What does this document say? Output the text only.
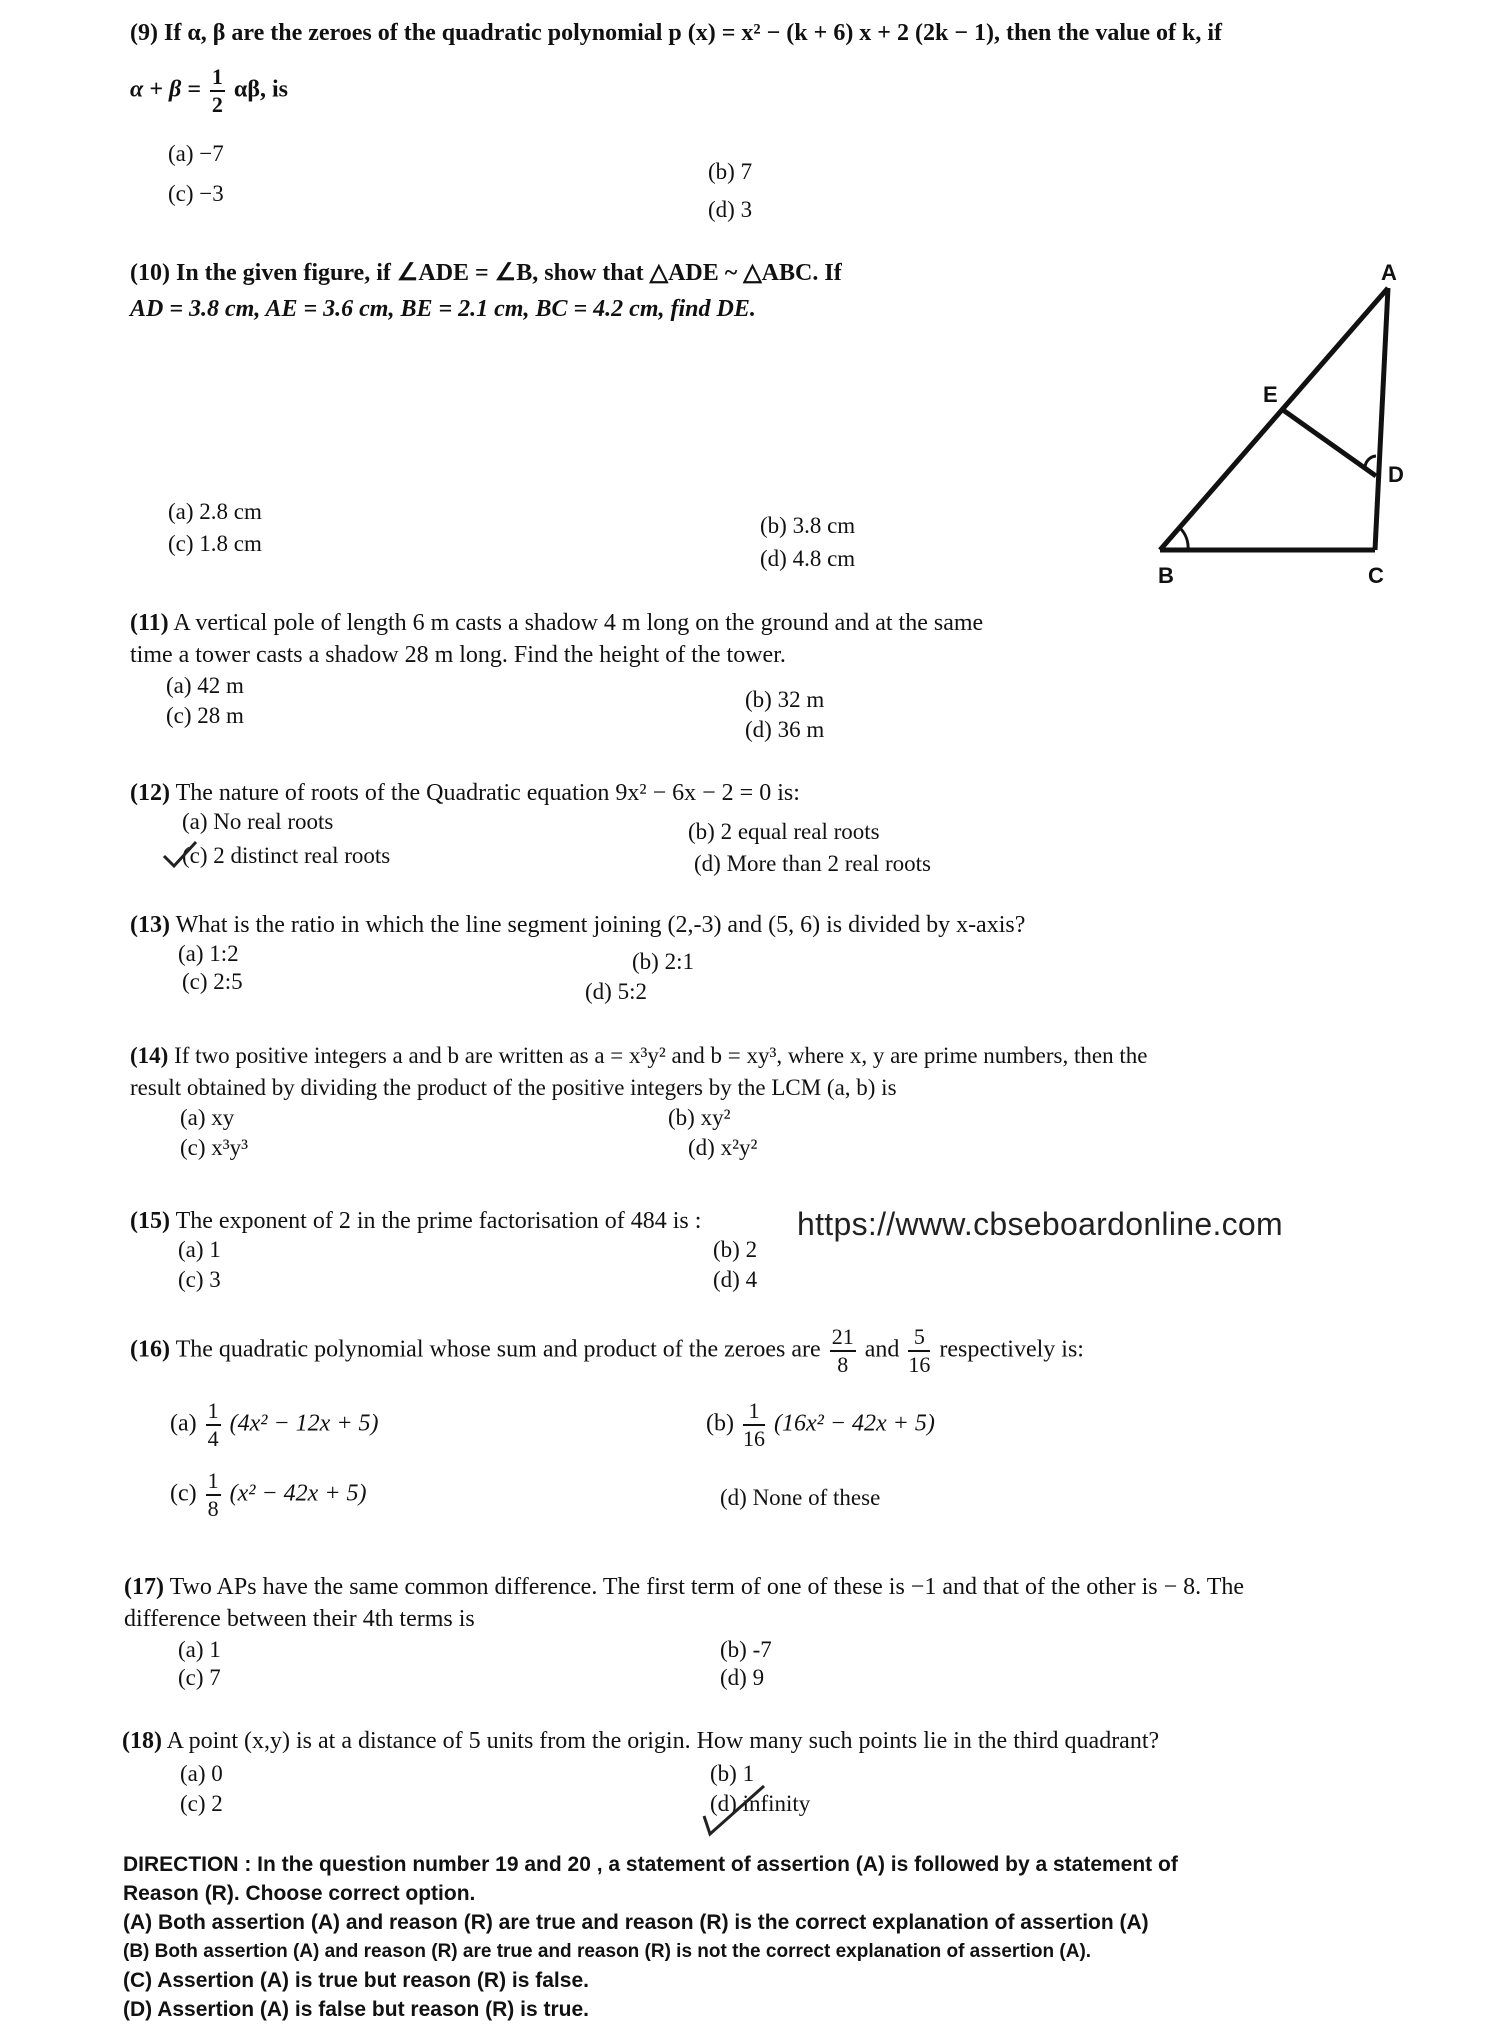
(9) If α, β are the zeroes of the quadratic polynomial p (x) = x² − (k + 6) x + 2 (2k − 1), then the value of k, if
$\alpha + \beta = \frac{1}{2} \alpha\beta$, is
(a) −7
(c) −3
(b) 7
(d) 3
(10) In the given figure, if ∠ADE = ∠B, show that △ADE ~ △ABC. If
AD = 3.8 cm, AE = 3.6 cm, BE = 2.1 cm, BC = 4.2 cm, find DE.
(a) 2.8 cm
(c) 1.8 cm
(b) 3.8 cm
(d) 4.8 cm
A
E
D
B	C
(11) A vertical pole of length 6 m casts a shadow 4 m long on the ground and at the same
time a tower casts a shadow 28 m long. Find the height of the tower.
(a) 42 m
(c) 28 m
(b) 32 m
(d) 36 m
(12) The nature of roots of the Quadratic equation 9x² − 6x − 2 = 0 is:
(a) No real roots
(c) 2 distinct real roots
(b) 2 equal real roots
(d) More than 2 real roots
(13) What is the ratio in which the line segment joining (2,-3) and (5, 6) is divided by x-axis?
(a) 1:2
(c) 2:5
(b) 2:1
(d) 5:2
(14) If two positive integers a and b are written as a = x³y² and b = xy³, where x, y are prime numbers, then the
result obtained by dividing the product of the positive integers by the LCM (a, b) is
(a) xy
(c) x³y³
(b) xy²
(d) x²y²
(15) The exponent of 2 in the prime factorisation of 484 is :	https://www.cbseboardonline.com
(a) 1
(c) 3
(b) 2
(d) 4
(16) The quadratic polynomial whose sum and product of the zeroes are $\frac{21}{8}$ and $\frac{5}{16}$ respectively is:
$(a) \frac{1}{4} (4x^2 - 12x + 5)$	$(b) \frac{1}{16} (16x^2 - 42x + 5)$
$(c) \frac{1}{8} (x^2 - 42x + 5)$	(d) None of these
(17) Two APs have the same common difference. The first term of one of these is −1 and that of the other is − 8. The
difference between their 4th terms is
(a) 1
(c) 7
(b) -7
(d) 9
(18) A point (x,y) is at a distance of 5 units from the origin. How many such points lie in the third quadrant?
(a) 0
(c) 2
(b) 1
(d) infinity
DIRECTION : In the question number 19 and 20 , a statement of assertion (A) is followed by a statement of
Reason (R). Choose correct option.
(A) Both assertion (A) and reason (R) are true and reason (R) is the correct explanation of assertion (A)
(B) Both assertion (A) and reason (R) are true and reason (R) is not the correct explanation of assertion (A).
(C) Assertion (A) is true but reason (R) is false.
(D) Assertion (A) is false but reason (R) is true.
